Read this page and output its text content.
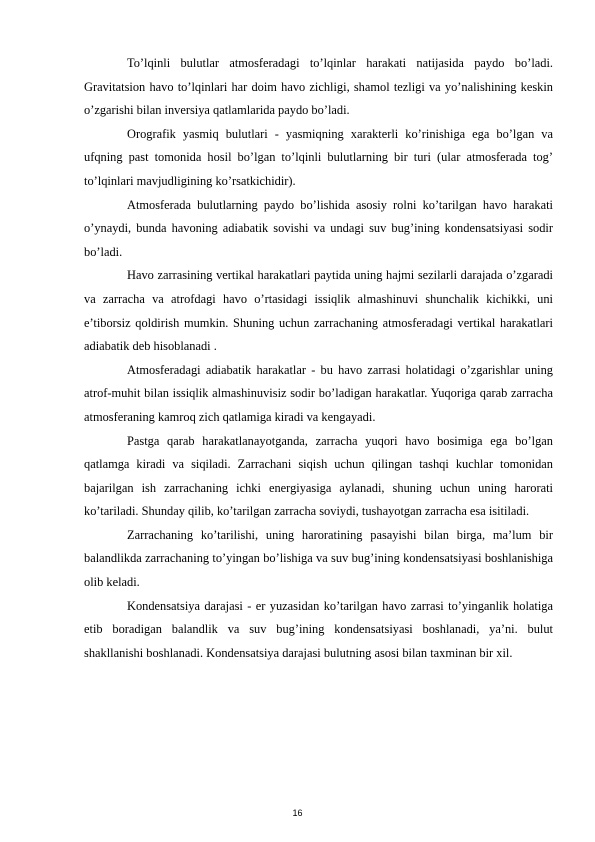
To’lqinli bulutlar atmosferadagi to’lqinlar harakati natijasida paydo bo’ladi. Gravitatsion havo to’lqinlari har doim havo zichligi, shamol tezligi va yo’nalishining keskin o’zgarishi bilan inversiya qatlamlarida paydo bo’ladi.

Orografik yasmiq bulutlari - yasmiqning xarakterli ko’rinishiga ega bo’lgan va ufqning past tomonida hosil bo’lgan to’lqinli bulutlarning bir turi (ular atmosferada tog’ to’lqinlari mavjudligining ko’rsatkichidir).

Atmosferada bulutlarning paydo bo’lishida asosiy rolni ko’tarilgan havo harakati o’ynaydi, bunda havoning adiabatik sovishi va undagi suv bug’ining kondensatsiyasi sodir bo’ladi.

Havo zarrasining vertikal harakatlari paytida uning hajmi sezilarli darajada o’zgaradi va zarracha va atrofdagi havo o’rtasidagi issiqlik almashinuvi shunchalik kichikki, uni e’tiborsiz qoldirish mumkin. Shuning uchun zarrachaning atmosferadagi vertikal harakatlari adiabatik deb hisoblanadi .

Atmosferadagi adiabatik harakatlar - bu havo zarrasi holatidagi o’zgarishlar uning atrof-muhit bilan issiqlik almashinuvisiz sodir bo’ladigan harakatlar. Yuqoriga qarab zarracha atmosferaning kamroq zich qatlamiga kiradi va kengayadi.

Pastga qarab harakatlanayotganda, zarracha yuqori havo bosimiga ega bo’lgan qatlamga kiradi va siqiladi. Zarrachani siqish uchun qilingan tashqi kuchlar tomonidan bajarilgan ish zarrachaning ichki energiyasiga aylanadi, shuning uchun uning harorati ko’tariladi. Shunday qilib, ko’tarilgan zarracha soviydi, tushayotgan zarracha esa isitiladi.

Zarrachaning ko’tarilishi, uning haroratining pasayishi bilan birga, ma’lum bir balandlikda zarrachaning to’yingan bo’lishiga va suv bug’ining kondensatsiyasi boshlanishiga olib keladi.

Kondensatsiya darajasi - er yuzasidan ko’tarilgan havo zarrasi to’yinganlik holatiga etib boradigan balandlik va suv bug’ining kondensatsiyasi boshlanadi, ya’ni. bulut shakllanishi boshlanadi. Kondensatsiya darajasi bulutning asosi bilan taxminan bir xil.

16
